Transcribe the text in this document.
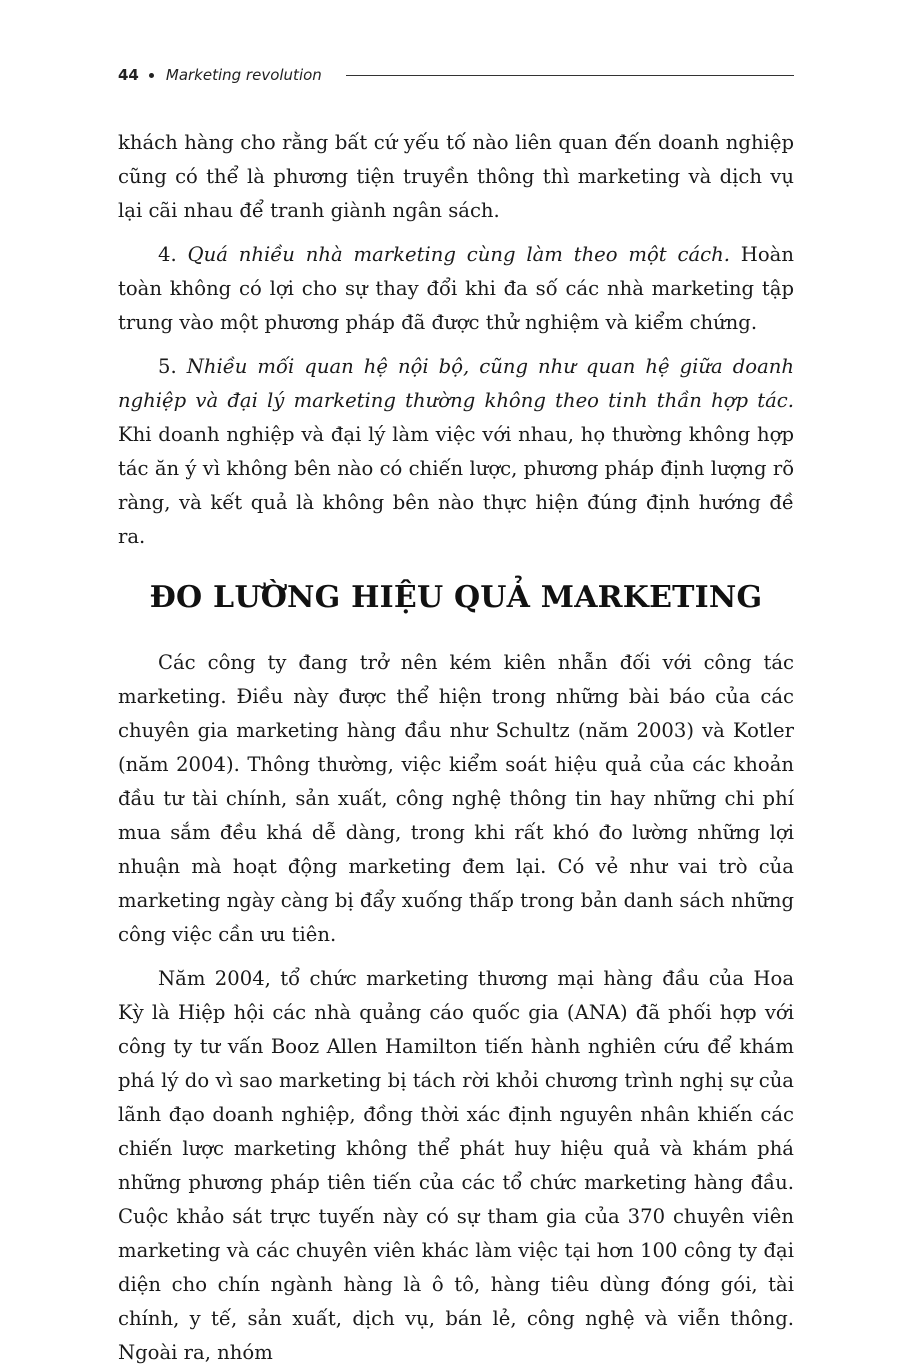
44 Marketing revolution

khách hàng cho rằng bất cứ yếu tố nào liên quan đến doanh nghiệp cũng có thể là phương tiện truyền thông thì marketing và dịch vụ lại cãi nhau để tranh giành ngân sách.

4. Quá nhiều nhà marketing cùng làm theo một cách. Hoàn toàn không có lợi cho sự thay đổi khi đa số các nhà marketing tập trung vào một phương pháp đã được thử nghiệm và kiểm chứng.

5. Nhiều mối quan hệ nội bộ, cũng như quan hệ giữa doanh nghiệp và đại lý marketing thường không theo tinh thần hợp tác. Khi doanh nghiệp và đại lý làm việc với nhau, họ thường không hợp tác ăn ý vì không bên nào có chiến lược, phương pháp định lượng rõ ràng, và kết quả là không bên nào thực hiện đúng định hướng đề ra.

ĐO LƯỜNG HIỆU QUẢ MARKETING

Các công ty đang trở nên kém kiên nhẫn đối với công tác marketing. Điều này được thể hiện trong những bài báo của các chuyên gia marketing hàng đầu như Schultz (năm 2003) và Kotler (năm 2004). Thông thường, việc kiểm soát hiệu quả của các khoản đầu tư tài chính, sản xuất, công nghệ thông tin hay những chi phí mua sắm đều khá dễ dàng, trong khi rất khó đo lường những lợi nhuận mà hoạt động marketing đem lại. Có vẻ như vai trò của marketing ngày càng bị đẩy xuống thấp trong bản danh sách những công việc cần ưu tiên.

Năm 2004, tổ chức marketing thương mại hàng đầu của Hoa Kỳ là Hiệp hội các nhà quảng cáo quốc gia (ANA) đã phối hợp với công ty tư vấn Booz Allen Hamilton tiến hành nghiên cứu để khám phá lý do vì sao marketing bị tách rời khỏi chương trình nghị sự của lãnh đạo doanh nghiệp, đồng thời xác định nguyên nhân khiến các chiến lược marketing không thể phát huy hiệu quả và khám phá những phương pháp tiên tiến của các tổ chức marketing hàng đầu. Cuộc khảo sát trực tuyến này có sự tham gia của 370 chuyên viên marketing và các chuyên viên khác làm việc tại hơn 100 công ty đại diện cho chín ngành hàng là ô tô, hàng tiêu dùng đóng gói, tài chính, y tế, sản xuất, dịch vụ, bán lẻ, công nghệ và viễn thông. Ngoài ra, nhóm
